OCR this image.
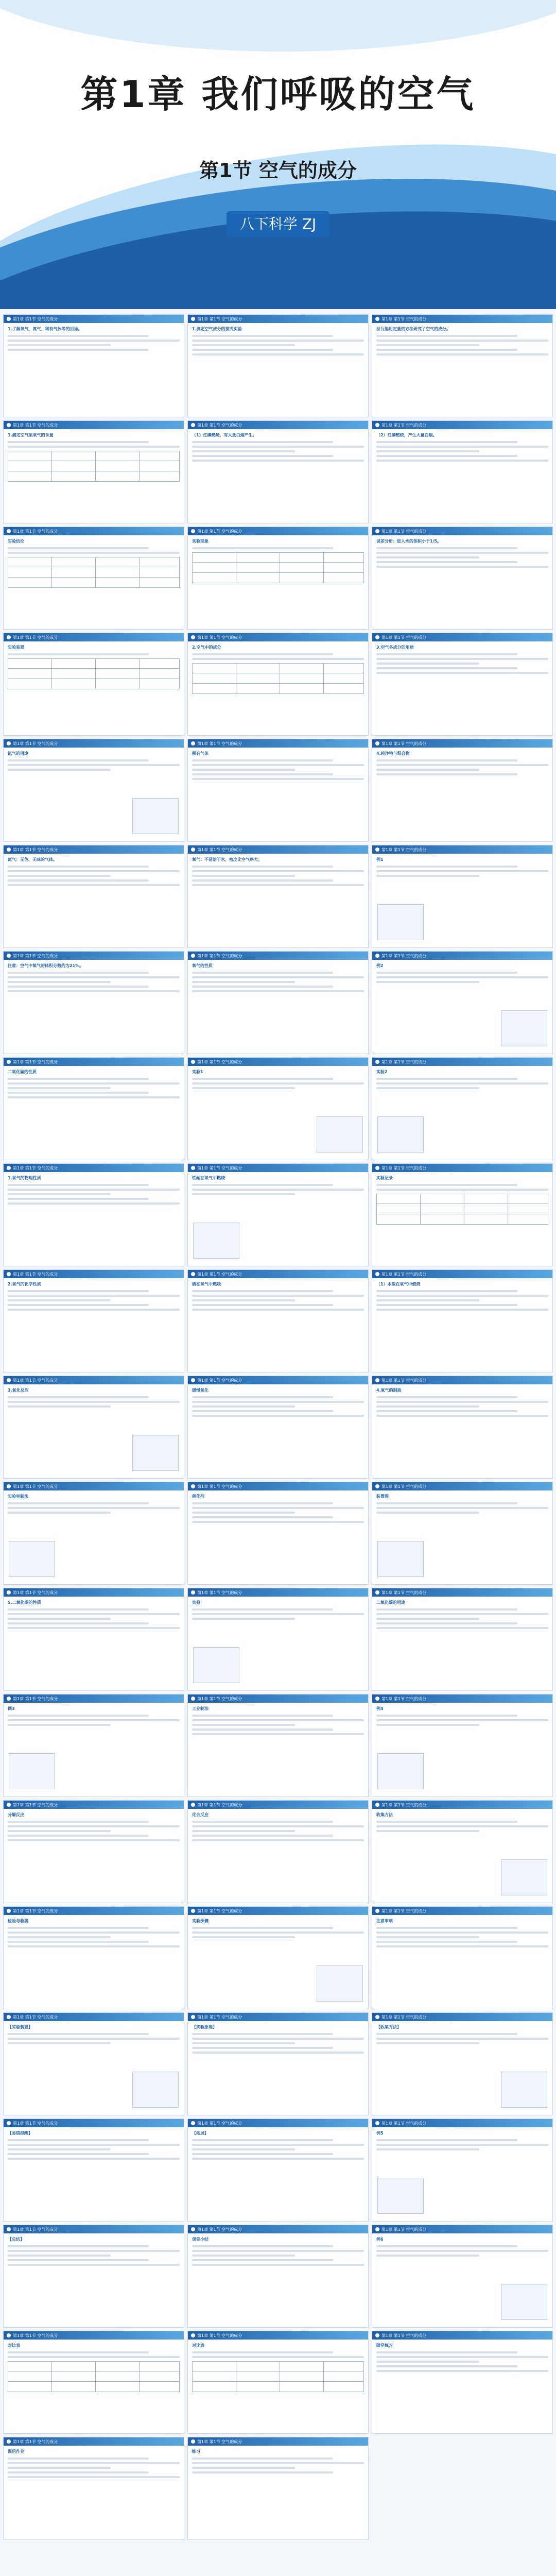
第1章 我们呼吸的空气
第1节 空气的成分
八下科学 ZJ
第1章 第1节 空气的成分
1.了解氧气、氮气、稀有气体等的用途。
第1章 第1节 空气的成分
1.测定空气成分的探究实验
第1章 第1节 空气的成分
拉瓦锡用定量的方法研究了空气的成分。
第1章 第1节 空气的成分
1.测定空气里氧气的含量
第1章 第1节 空气的成分
（1）红磷燃烧，有大量白烟产生。
第1章 第1节 空气的成分
（2）红磷燃烧，产生大量白烟。
第1章 第1节 空气的成分
实验结论
第1章 第1节 空气的成分
实验现象
第1章 第1节 空气的成分
误差分析：进入水的体积小于1/5。
第1章 第1节 空气的成分
实验装置
第1章 第1节 空气的成分
2.空气中的成分
第1章 第1节 空气的成分
3.空气各成分的用途
第1章 第1节 空气的成分
氮气的用途
第1章 第1节 空气的成分
稀有气体
第1章 第1节 空气的成分
4.纯净物与混合物
第1章 第1节 空气的成分
氮气：无色、无味的气体。
第1章 第1节 空气的成分
氧气：不易溶于水，密度比空气略大。
第1章 第1节 空气的成分
例1
第1章 第1节 空气的成分
注意：空气中氧气的体积分数约为21%。
第1章 第1节 空气的成分
氧气的性质
第1章 第1节 空气的成分
例2
第1章 第1节 空气的成分
二氧化碳的性质
第1章 第1节 空气的成分
实验1
第1章 第1节 空气的成分
实验2
第1章 第1节 空气的成分
1.氧气的物理性质
第1章 第1节 空气的成分
铁丝在氧气中燃烧
第1章 第1节 空气的成分
实验记录
第1章 第1节 空气的成分
2.氧气的化学性质
第1章 第1节 空气的成分
硫在氧气中燃烧
第1章 第1节 空气的成分
（1）木炭在氧气中燃烧
第1章 第1节 空气的成分
3.氧化反应
第1章 第1节 空气的成分
缓慢氧化
第1章 第1节 空气的成分
4.氧气的制取
第1章 第1节 空气的成分
实验室制法
第1章 第1节 空气的成分
催化剂
第1章 第1节 空气的成分
装置图
第1章 第1节 空气的成分
5.二氧化碳的性质
第1章 第1节 空气的成分
实验
第1章 第1节 空气的成分
二氧化碳的用途
第1章 第1节 空气的成分
例3
第1章 第1节 空气的成分
工业制法
第1章 第1节 空气的成分
例4
第1章 第1节 空气的成分
分解反应
第1章 第1节 空气的成分
化合反应
第1章 第1节 空气的成分
收集方法
第1章 第1节 空气的成分
检验与验满
第1章 第1节 空气的成分
实验步骤
第1章 第1节 空气的成分
注意事项
第1章 第1节 空气的成分
【实验装置】
第1章 第1节 空气的成分
【实验原理】
第1章 第1节 空气的成分
【收集方法】
第1章 第1节 空气的成分
【易错提醒】
第1章 第1节 空气的成分
【拓展】
第1章 第1节 空气的成分
例5
第1章 第1节 空气的成分
【总结】
第1章 第1节 空气的成分
课堂小结
第1章 第1节 空气的成分
例6
第1章 第1节 空气的成分
对比表
第1章 第1节 空气的成分
对比表
第1章 第1节 空气的成分
随堂练习
第1章 第1节 空气的成分
课后作业
第1章 第1节 空气的成分
练习
